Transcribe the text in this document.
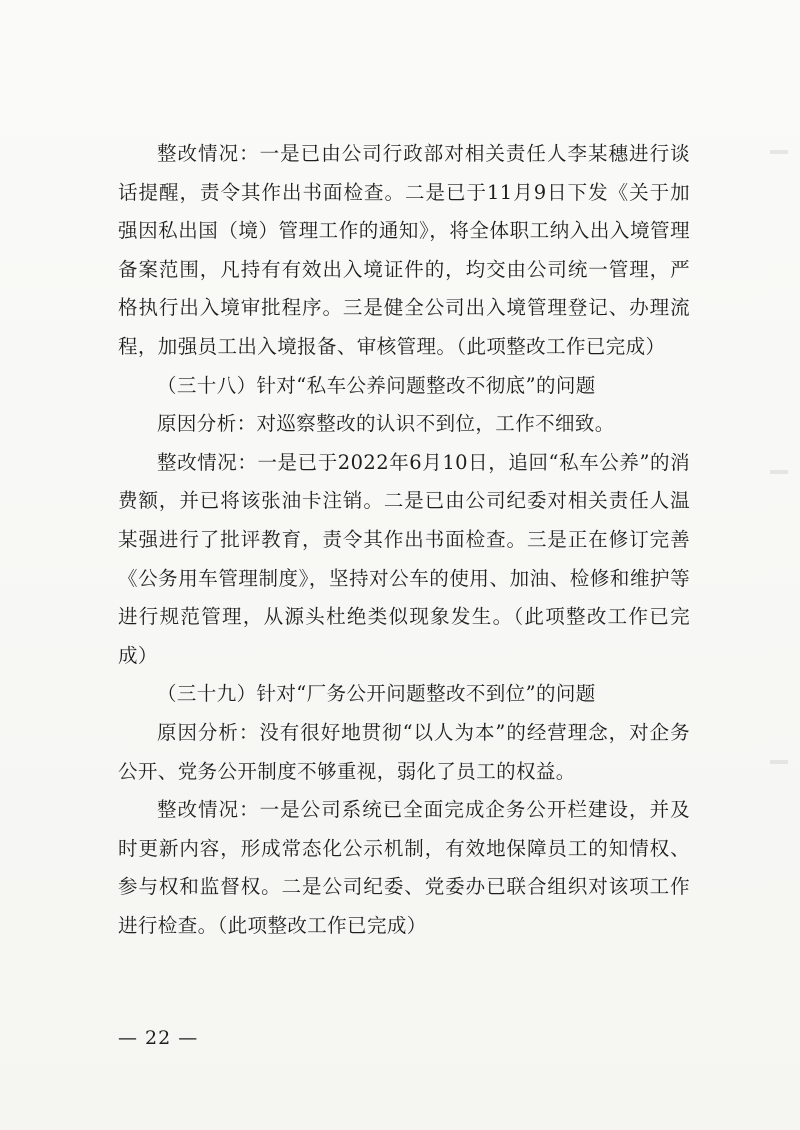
整改情况：一是已由公司行政部对相关责任人李某穗进行谈话提醒，责令其作出书面检查。二是已于11月9日下发《关于加强因私出国（境）管理工作的通知》，将全体职工纳入出入境管理备案范围，凡持有有效出入境证件的，均交由公司统一管理，严格执行出入境审批程序。三是健全公司出入境管理登记、办理流程，加强员工出入境报备、审核管理。（此项整改工作已完成）

（三十八）针对“私车公养问题整改不彻底”的问题

原因分析：对巡察整改的认识不到位，工作不细致。

整改情况：一是已于2022年6月10日，追回“私车公养”的消费额，并已将该张油卡注销。二是已由公司纪委对相关责任人温某强进行了批评教育，责令其作出书面检查。三是正在修订完善《公务用车管理制度》，坚持对公车的使用、加油、检修和维护等进行规范管理，从源头杜绝类似现象发生。（此项整改工作已完成）

（三十九）针对“厂务公开问题整改不到位”的问题

原因分析：没有很好地贯彻“以人为本”的经营理念，对企务公开、党务公开制度不够重视，弱化了员工的权益。

整改情况：一是公司系统已全面完成企务公开栏建设，并及时更新内容，形成常态化公示机制，有效地保障员工的知情权、参与权和监督权。二是公司纪委、党委办已联合组织对该项工作进行检查。（此项整改工作已完成）

— 22 —
